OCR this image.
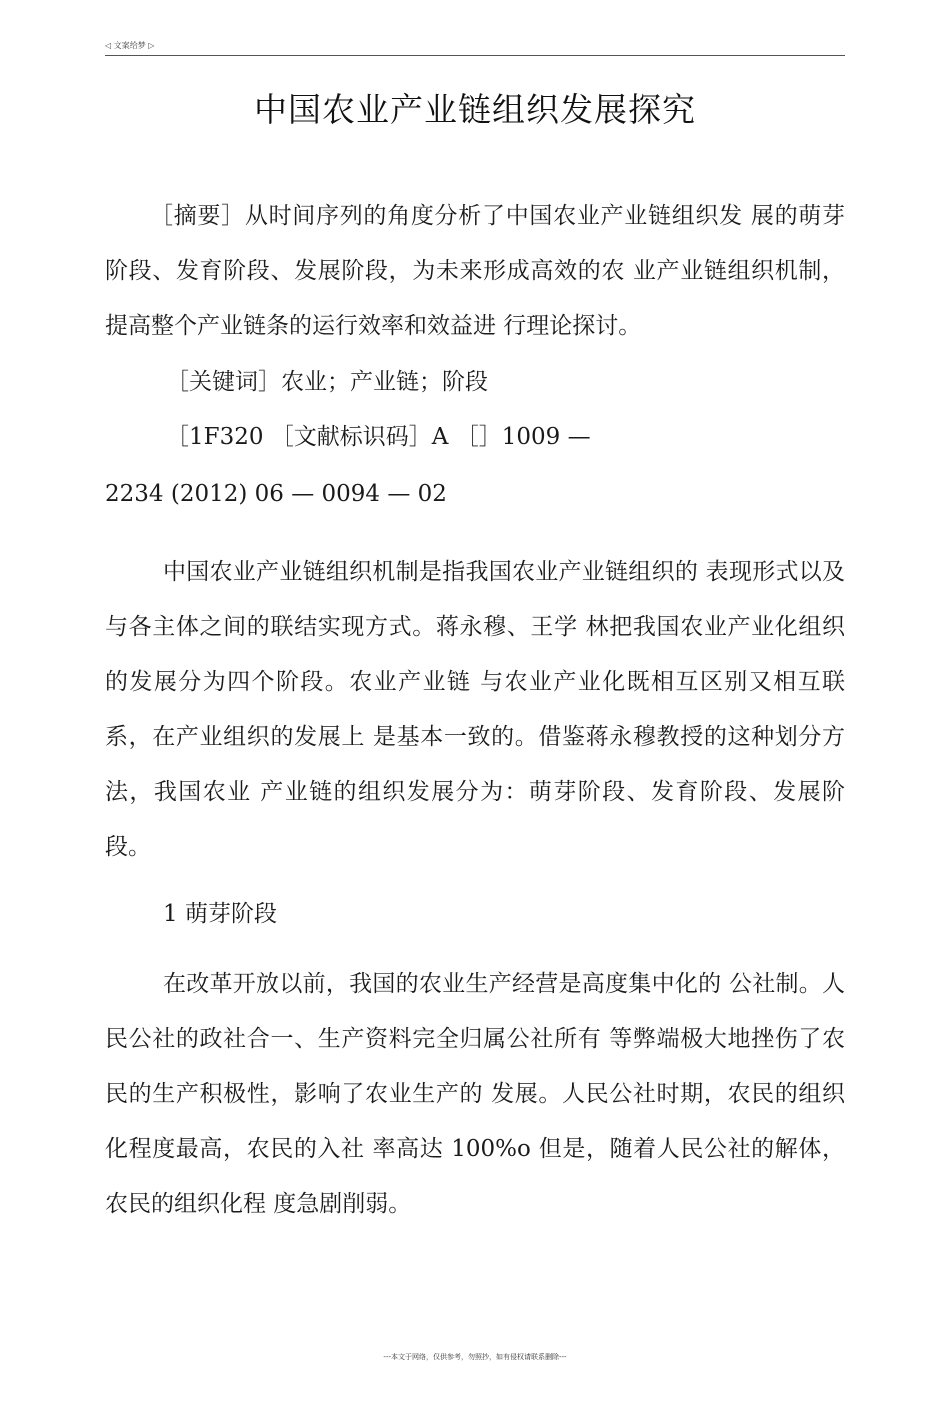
◁ 文案给梦 ▷
中国农业产业链组织发展探究
［摘要］从时间序列的角度分析了中国农业产业链组织发 展的萌芽阶段、发育阶段、发展阶段，为未来形成高效的农 业产业链组织机制，提高整个产业链条的运行效率和效益进 行理论探讨。
［关键词］农业；产业链；阶段
［1F320 ［文献标识码］A ［］1009 —
2234 (2012) 06 — 0094 — 02
中国农业产业链组织机制是指我国农业产业链组织的 表现形式以及与各主体之间的联结实现方式。蒋永穆、王学 林把我国农业产业化组织的发展分为四个阶段。农业产业链 与农业产业化既相互区别又相互联系，在产业组织的发展上 是基本一致的。借鉴蒋永穆教授的这种划分方法，我国农业 产业链的组织发展分为：萌芽阶段、发育阶段、发展阶段。
1 萌芽阶段
在改革开放以前，我国的农业生产经营是高度集中化的 公社制。人民公社的政社合一、生产资料完全归属公社所有 等弊端极大地挫伤了农民的生产积极性，影响了农业生产的 发展。人民公社时期，农民的组织化程度最高，农民的入社 率高达 100%o 但是，随着人民公社的解体，农民的组织化程 度急剧削弱。
---本文于网络，仅供参考，勿照抄，如有侵权请联系删除---
